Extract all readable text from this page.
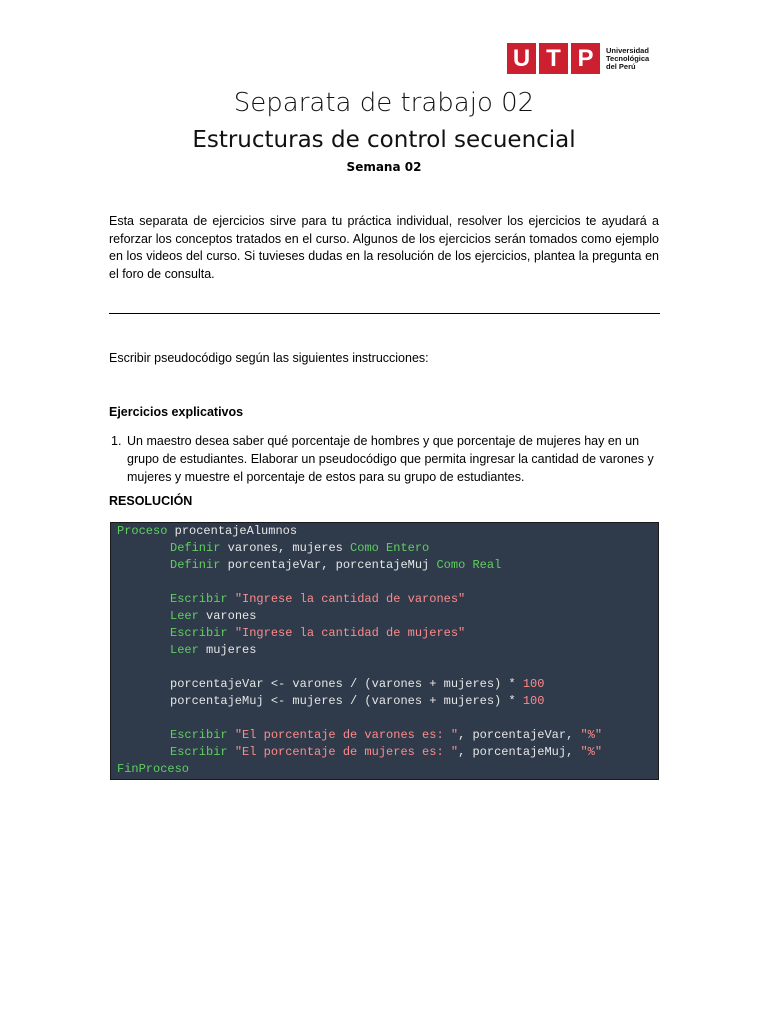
U T P	Universidad
Tecnológica
del Perú
Separata de trabajo 02
Estructuras de control secuencial
Semana 02
Esta separata de ejercicios sirve para tu práctica individual, resolver los ejercicios te ayudará a reforzar los conceptos tratados en el curso. Algunos de los ejercicios serán tomados como ejemplo en los videos del curso. Si tuvieses dudas en la resolución de los ejercicios, plantea la pregunta en el foro de consulta.
Escribir pseudocódigo según las siguientes instrucciones:
Ejercicios explicativos
1. Un maestro desea saber qué porcentaje de hombres y que porcentaje de mujeres hay en un grupo de estudiantes. Elaborar un pseudocódigo que permita ingresar la cantidad de varones y mujeres y muestre el porcentaje de estos para su grupo de estudiantes.
RESOLUCIÓN
Proceso procentajeAlumnos
Definir varones, mujeres Como Entero
Definir porcentajeVar, porcentajeMuj Como Real
Escribir "Ingrese la cantidad de varones"
Leer varones
Escribir "Ingrese la cantidad de mujeres"
Leer mujeres
porcentajeVar <- varones / (varones + mujeres) * 100
porcentajeMuj <- mujeres / (varones + mujeres) * 100
Escribir "El porcentaje de varones es: ", porcentajeVar, "%"
Escribir "El porcentaje de mujeres es: ", porcentajeMuj, "%"
FinProceso
